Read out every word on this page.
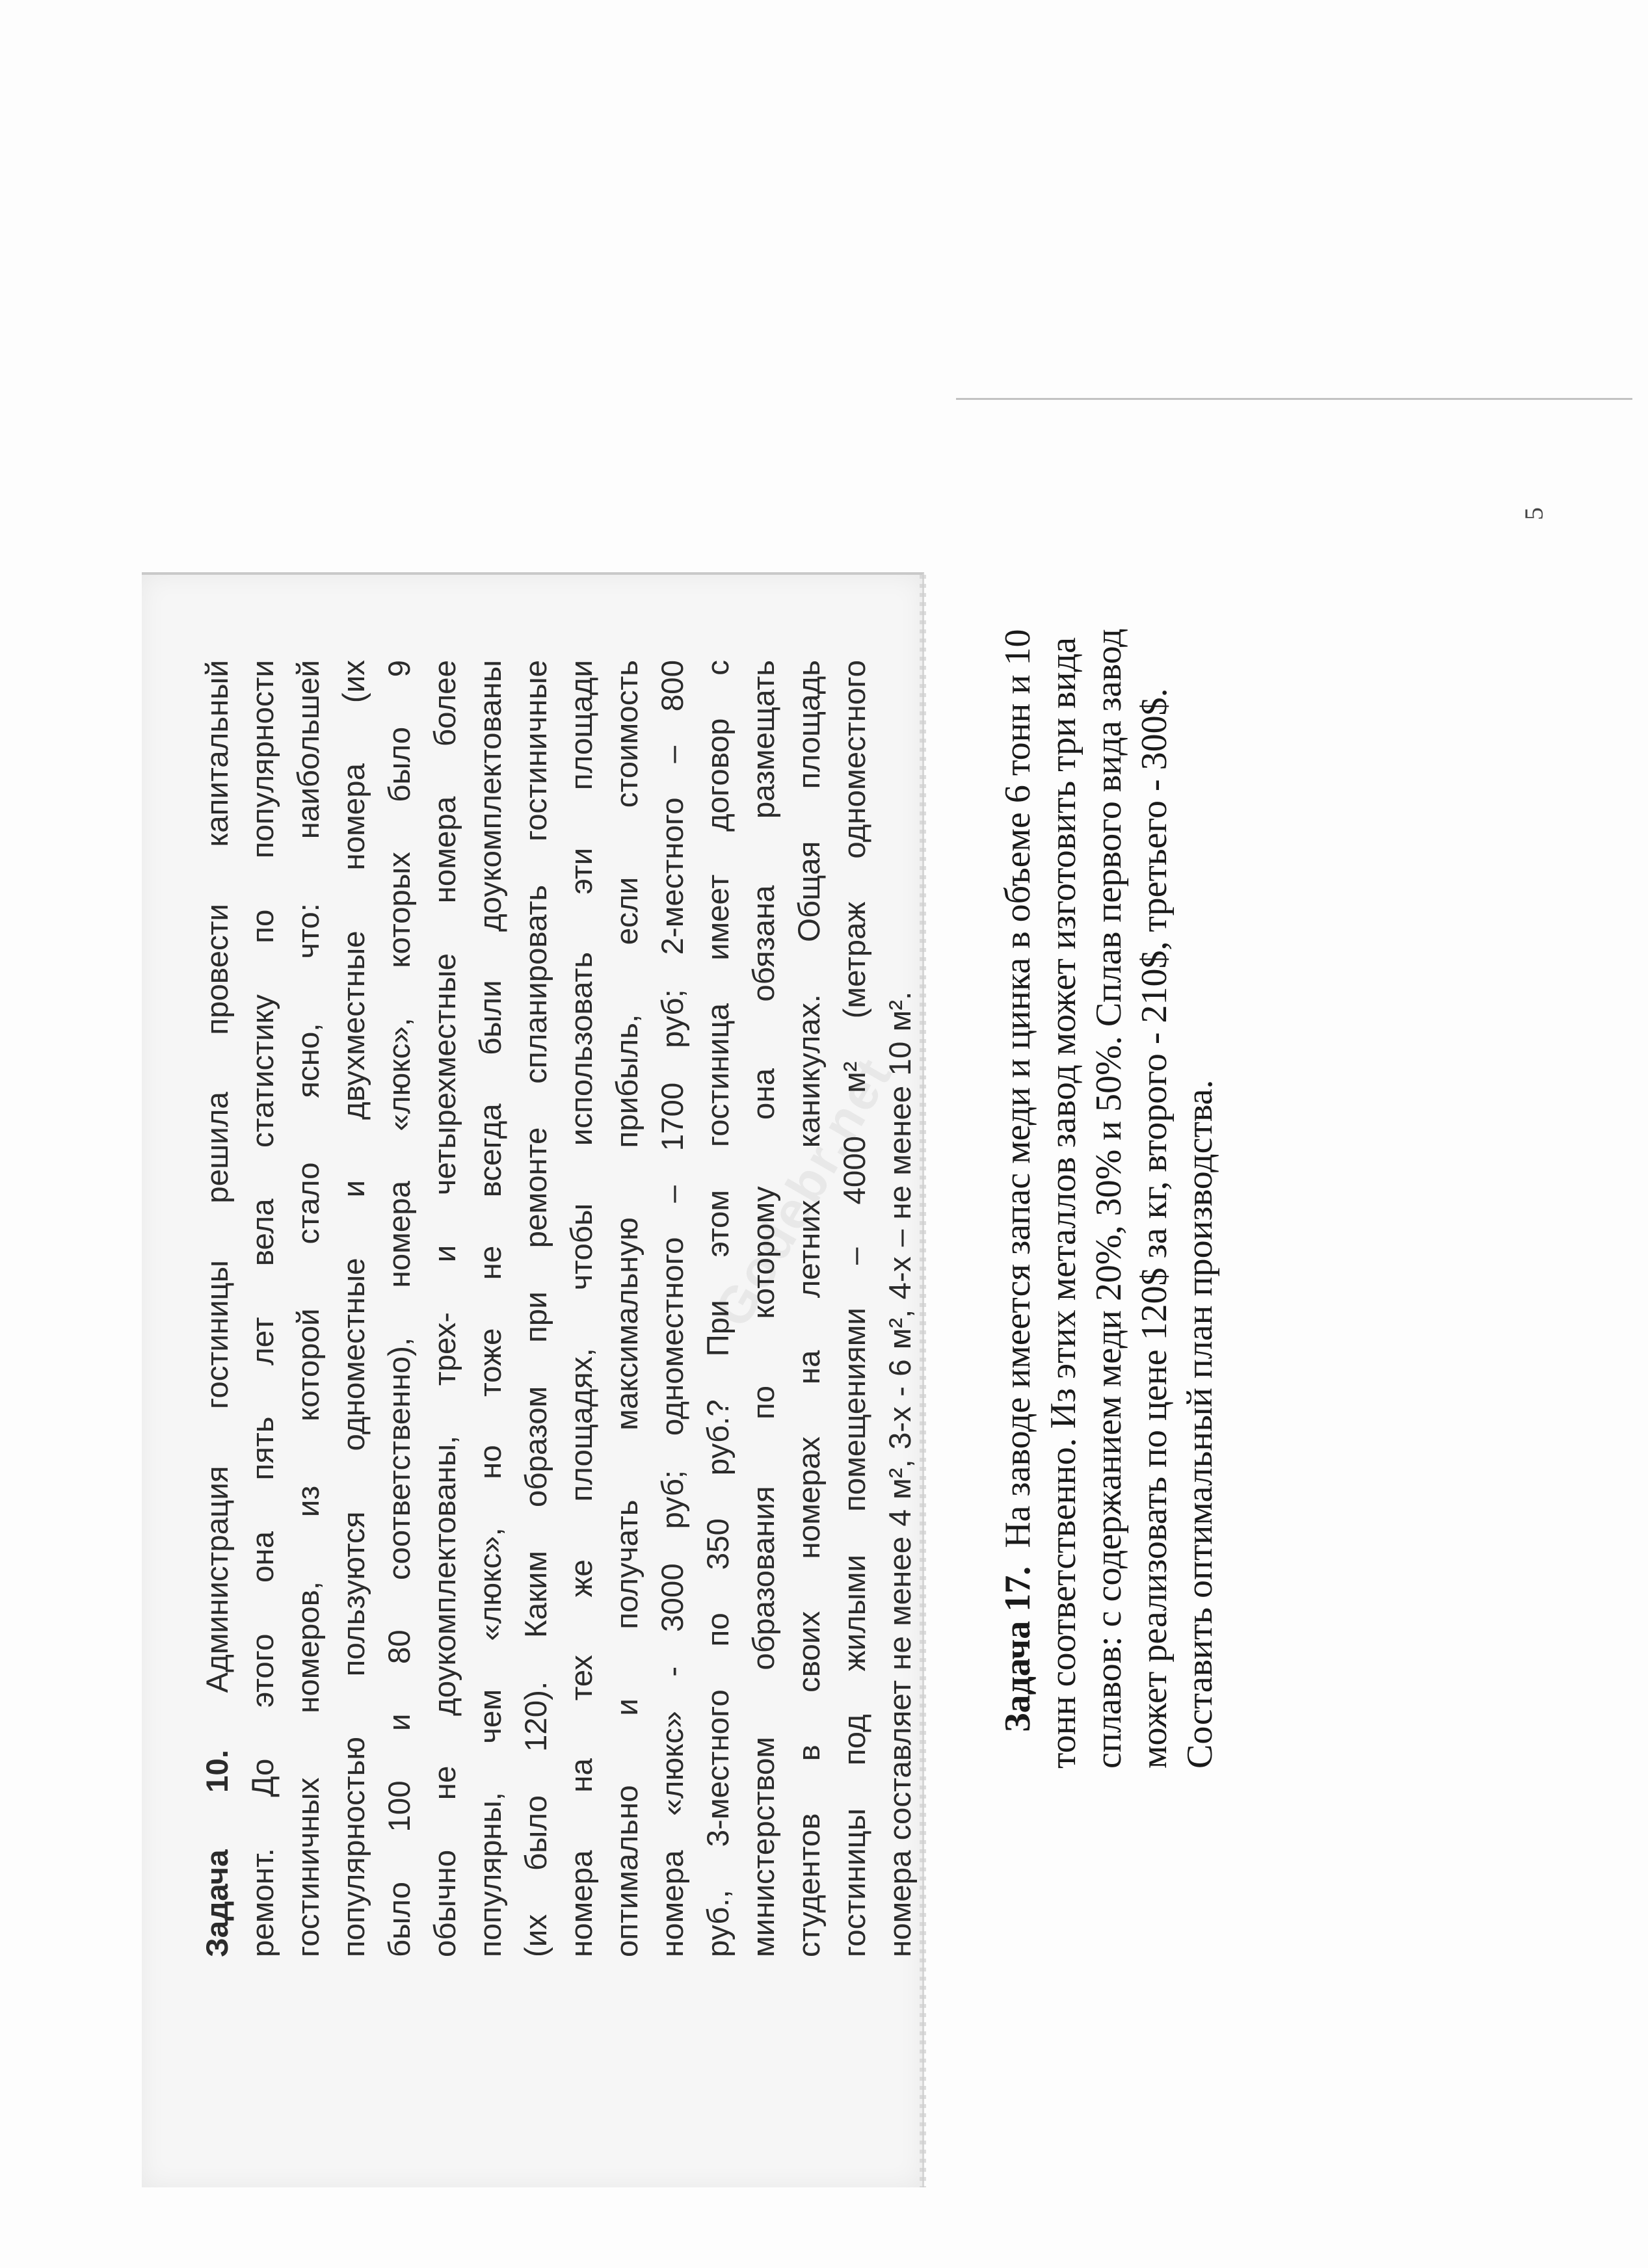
Godebr.net
Задача 10. Администрация гостиницы решила провести капитальный ремонт. До этого она пять лет вела статистику по популярности гостиничных номеров, из которой стало ясно, что: наибольшей популярностью пользуются одноместные и двухместные номера (их было 100 и 80 соответственно), номера «люкс», которых было 9 обычно не доукомплектованы, трех- и четырехместные номера более популярны, чем «люкс», но тоже не всегда были доукомплектованы (их было 120). Каким образом при ремонте спланировать гостиничные номера на тех же площадях, чтобы использовать эти площади оптимально и получать максимальную прибыль, если стоимость номера «люкс» - 3000 руб; одноместного – 1700 руб; 2-местного – 800 руб., 3-местного по 350 руб.? При этом гостиница имеет договор с министерством образования по которому она обязана размещать студентов в своих номерах на летних каникулах. Общая площадь гостиницы под жилыми помещениями – 4000 м² (метраж одноместного номера составляет не менее 4 м², 3-х - 6 м², 4-х – не менее 10 м². Задача 17.  На заводе имеется запас меди и цинка в объеме 6 тонн и 10 тонн соответственно. Из этих металлов завод может изготовить три вида сплавов: с содержанием меди 20%, 30% и 50%. Сплав первого вида завод может реализовать по цене 120$ за кг, второго - 210$, третьего - 300$. Составить оптимальный план производства.
5
